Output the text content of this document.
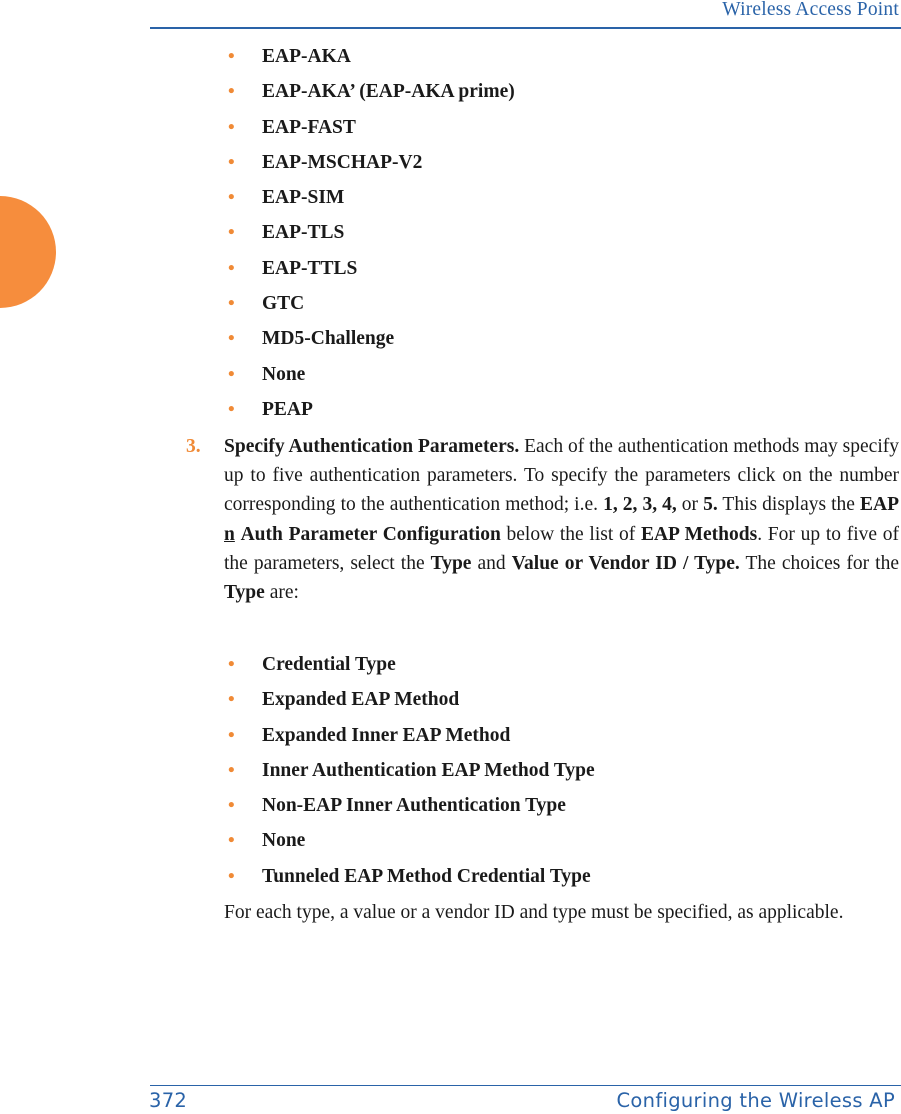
Wireless Access Point
• EAP-AKA
• EAP-AKA’ (EAP-AKA prime)
• EAP-FAST
• EAP-MSCHAP-V2
• EAP-SIM
• EAP-TLS
• EAP-TTLS
• GTC
• MD5-Challenge
• None
• PEAP
3. Specify Authentication Parameters. Each of the authentication methods may specify up to five authentication parameters. To specify the parameters click on the number corresponding to the authentication method; i.e. 1, 2, 3, 4, or 5. This displays the EAP n Auth Parameter Configuration below the list of EAP Methods. For up to five of the parameters, select the Type and Value or Vendor ID / Type. The choices for the Type are:
• Credential Type
• Expanded EAP Method
• Expanded Inner EAP Method
• Inner Authentication EAP Method Type
• Non-EAP Inner Authentication Type
• None
• Tunneled EAP Method Credential Type
For each type, a value or a vendor ID and type must be specified, as applicable.
372	Configuring the Wireless AP
